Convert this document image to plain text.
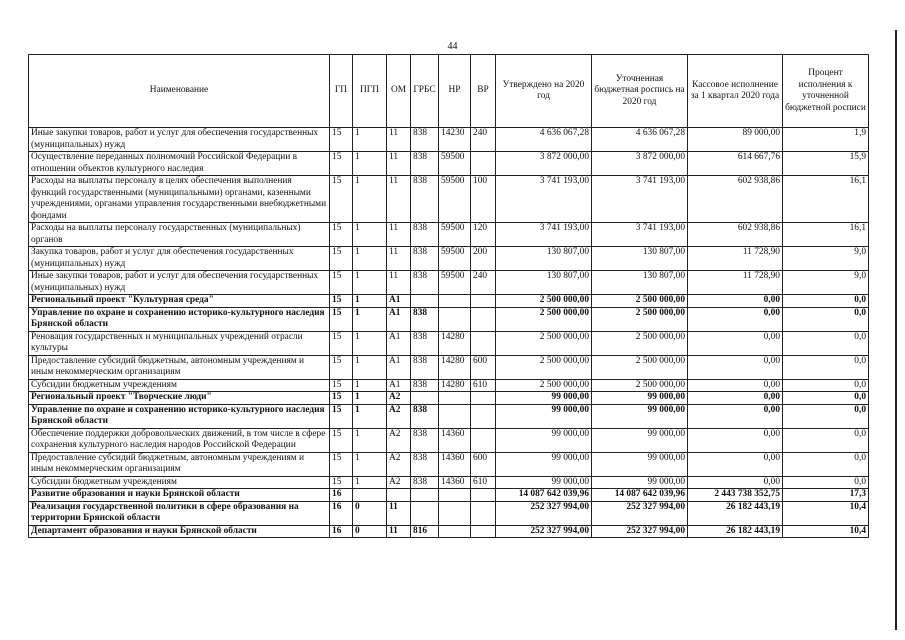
44
Наименование	ГП	ПГП	ОМ	ГРБС	НР	ВР	Утверждено на 2020 год	Уточненная бюджетная роспись на 2020 год	Кассовое исполнение за 1 квартал 2020 года	Процент исполнения к уточненной бюджетной росписи
Иные закупки товаров, работ и услуг для обеспечения государственных (муниципальных) нужд	15	1	11	838	14230	240	4 636 067,28	4 636 067,28	89 000,00	1,9
Осуществление переданных полномочий Российской Федерации в отношении объектов культурного наследия	15	1	11	838	59500		3 872 000,00	3 872 000,00	614 667,76	15,9
Расходы на выплаты персоналу в целях обеспечения выполнения функций государственными (муниципальными) органами, казенными учреждениями, органами управления государственными внебюджетными фондами	15	1	11	838	59500	100	3 741 193,00	3 741 193,00	602 938,86	16,1
Расходы на выплаты персоналу государственных (муниципальных) органов	15	1	11	838	59500	120	3 741 193,00	3 741 193,00	602 938,86	16,1
Закупка товаров, работ и услуг для обеспечения государственных (муниципальных) нужд	15	1	11	838	59500	200	130 807,00	130 807,00	11 728,90	9,0
Иные закупки товаров, работ и услуг для обеспечения государственных (муниципальных) нужд	15	1	11	838	59500	240	130 807,00	130 807,00	11 728,90	9,0
Региональный проект "Культурная среда"	15	1	A1				2 500 000,00	2 500 000,00	0,00	0,0
Управление по охране и сохранению историко-культурного наследия Брянской области	15	1	A1	838			2 500 000,00	2 500 000,00	0,00	0,0
Реновация государственных и муниципальных учреждений отрасли культуры	15	1	A1	838	14280		2 500 000,00	2 500 000,00	0,00	0,0
Предоставление субсидий бюджетным, автономным учреждениям и иным некоммерческим организациям	15	1	A1	838	14280	600	2 500 000,00	2 500 000,00	0,00	0,0
Субсидии бюджетным учреждениям	15	1	A1	838	14280	610	2 500 000,00	2 500 000,00	0,00	0,0
Региональный проект "Творческие люди"	15	1	A2				99 000,00	99 000,00	0,00	0,0
Управление по охране и сохранению историко-культурного наследия Брянской области	15	1	A2	838			99 000,00	99 000,00	0,00	0,0
Обеспечение поддержки добровольческих движений, в том числе в сфере сохранения культурного наследия народов Российской Федерации	15	1	A2	838	14360		99 000,00	99 000,00	0,00	0,0
Предоставление субсидий бюджетным, автономным учреждениям и иным некоммерческим организациям	15	1	A2	838	14360	600	99 000,00	99 000,00	0,00	0,0
Субсидии бюджетным учреждениям	15	1	A2	838	14360	610	99 000,00	99 000,00	0,00	0,0
Развитие образования и науки Брянской области	16						14 087 642 039,96	14 087 642 039,96	2 443 738 352,75	17,3
Реализация государственной политики в сфере образования на территории Брянской области	16	0	11				252 327 994,00	252 327 994,00	26 182 443,19	10,4
Департамент образования и науки Брянской области	16	0	11	816			252 327 994,00	252 327 994,00	26 182 443,19	10,4
